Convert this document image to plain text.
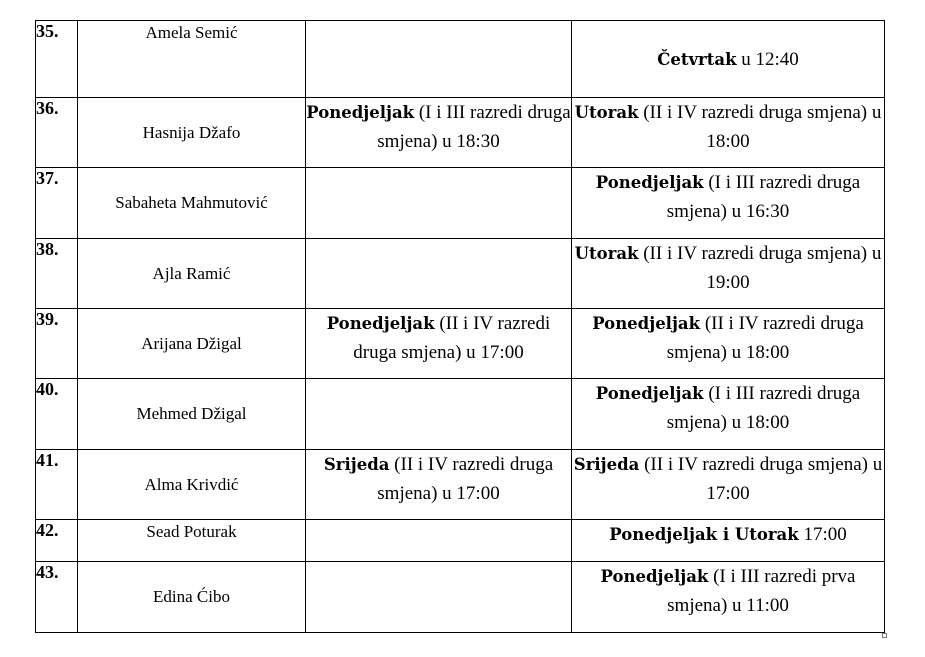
35.	Amela Semić		Četvrtak u 12:40
36.	Hasnija Džafo	Ponedjeljak (I i III razredi druga smjena) u 18:30	Utorak (II i IV razredi druga smjena) u 18:00
37.	Sabaheta Mahmutović		Ponedjeljak (I i III razredi druga smjena) u 16:30
38.	Ajla Ramić		Utorak (II i IV razredi druga smjena) u 19:00
39.	Arijana Džigal	Ponedjeljak (II i IV razredi druga smjena) u 17:00	Ponedjeljak (II i IV razredi druga smjena) u 18:00
40.	Mehmed Džigal		Ponedjeljak (I i III razredi druga smjena) u 18:00
41.	Alma Krivdić	Srijeda (II i IV razredi druga smjena) u 17:00	Srijeda (II i IV razredi druga smjena) u 17:00
42.	Sead Poturak		Ponedjeljak i Utorak 17:00
43.	Edina Ćibo		Ponedjeljak (I i III razredi prva smjena) u 11:00
